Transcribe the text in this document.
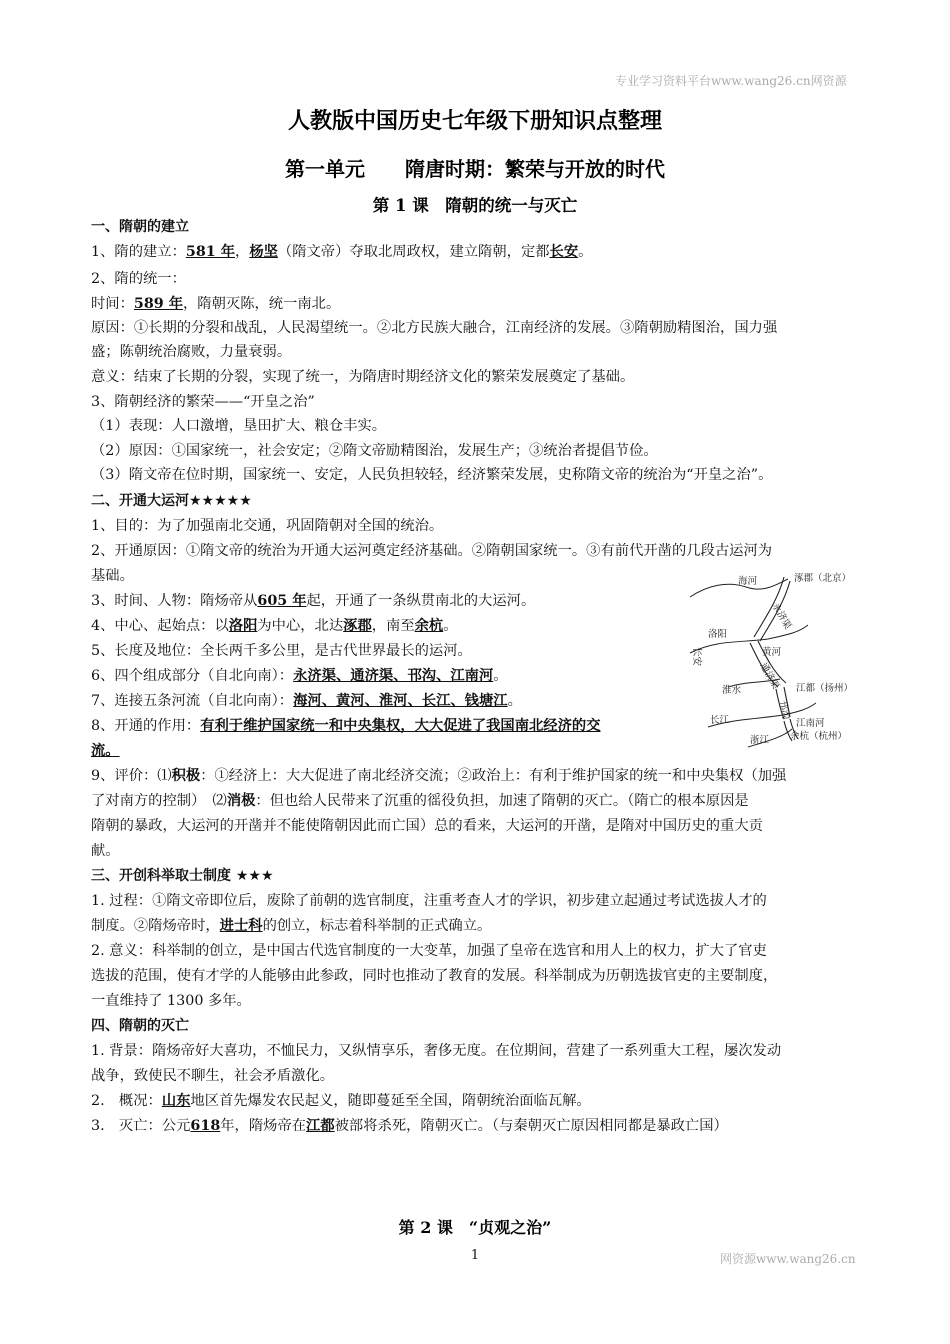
专业学习资料平台www.wang26.cn网资源
人教版中国历史七年级下册知识点整理
第一单元　　隋唐时期：繁荣与开放的时代
第 1 课　隋朝的统一与灭亡
一、隋朝的建立
1、隋的建立：581 年，杨坚（隋文帝）夺取北周政权，建立隋朝，定都长安。
2、隋的统一：
时间：589 年，隋朝灭陈，统一南北。
原因：①长期的分裂和战乱，人民渴望统一。②北方民族大融合，江南经济的发展。③隋朝励精图治，国力强
盛；陈朝统治腐败，力量衰弱。
意义：结束了长期的分裂，实现了统一，为隋唐时期经济文化的繁荣发展奠定了基础。
3、隋朝经济的繁荣——“开皇之治”
（1）表现：人口激增，垦田扩大、粮仓丰实。
（2）原因：①国家统一，社会安定；②隋文帝励精图治，发展生产；③统治者提倡节俭。
（3）隋文帝在位时期，国家统一、安定，人民负担较轻，经济繁荣发展，史称隋文帝的统治为“开皇之治”。
二、开通大运河★★★★★
1、目的：为了加强南北交通，巩固隋朝对全国的统治。
2、开通原因：①隋文帝的统治为开通大运河奠定经济基础。②隋朝国家统一。③有前代开凿的几段古运河为
基础。
3、时间、人物：隋炀帝从605 年起，开通了一条纵贯南北的大运河。
4、中心、起始点：以洛阳为中心，北达涿郡，南至余杭。
5、长度及地位：全长两千多公里，是古代世界最长的运河。
6、四个组成部分（自北向南）：永济渠、通济渠、邗沟、江南河。
7、连接五条河流（自北向南）：海河、黄河、淮河、长江、钱塘江。
8、开通的作用：有利于维护国家统一和中央集权，大大促进了我国南北经济的交
流。
9、评价：⑴积极：①经济上：大大促进了南北经济交流；②政治上：有利于维护国家的统一和中央集权（加强
了对南方的控制）　⑵消极：但也给人民带来了沉重的徭役负担，加速了隋朝的灭亡。（隋亡的根本原因是
隋朝的暴政，大运河的开凿并不能使隋朝因此而亡国）总的看来，大运河的开凿，是隋对中国历史的重大贡
献。
海河	涿郡（北京）
永济渠
洛阳
黄河
长安
通济渠
淮水	江都（扬州）
邗沟
长江	江南河
余杭（杭州）
浙江
三、开创科举取士制度 ★★★
1. 过程：①隋文帝即位后，废除了前朝的选官制度，注重考查人才的学识，初步建立起通过考试选拔人才的
制度。②隋炀帝时，进士科的创立，标志着科举制的正式确立。
2. 意义：科举制的创立，是中国古代选官制度的一大变革，加强了皇帝在选官和用人上的权力，扩大了官吏
选拔的范围，使有才学的人能够由此参政，同时也推动了教育的发展。科举制成为历朝选拔官吏的主要制度，
一直维持了 1300 多年。
四、隋朝的灭亡
1. 背景：隋炀帝好大喜功，不恤民力，又纵情享乐，奢侈无度。在位期间，营建了一系列重大工程，屡次发动
战争，致使民不聊生，社会矛盾激化。
2.　概况：山东地区首先爆发农民起义，随即蔓延至全国，隋朝统治面临瓦解。
3.　灭亡：公元618年，隋炀帝在江都被部将杀死，隋朝灭亡。（与秦朝灭亡原因相同都是暴政亡国）
第 2 课　“贞观之治”
1	网资源www.wang26.cn
